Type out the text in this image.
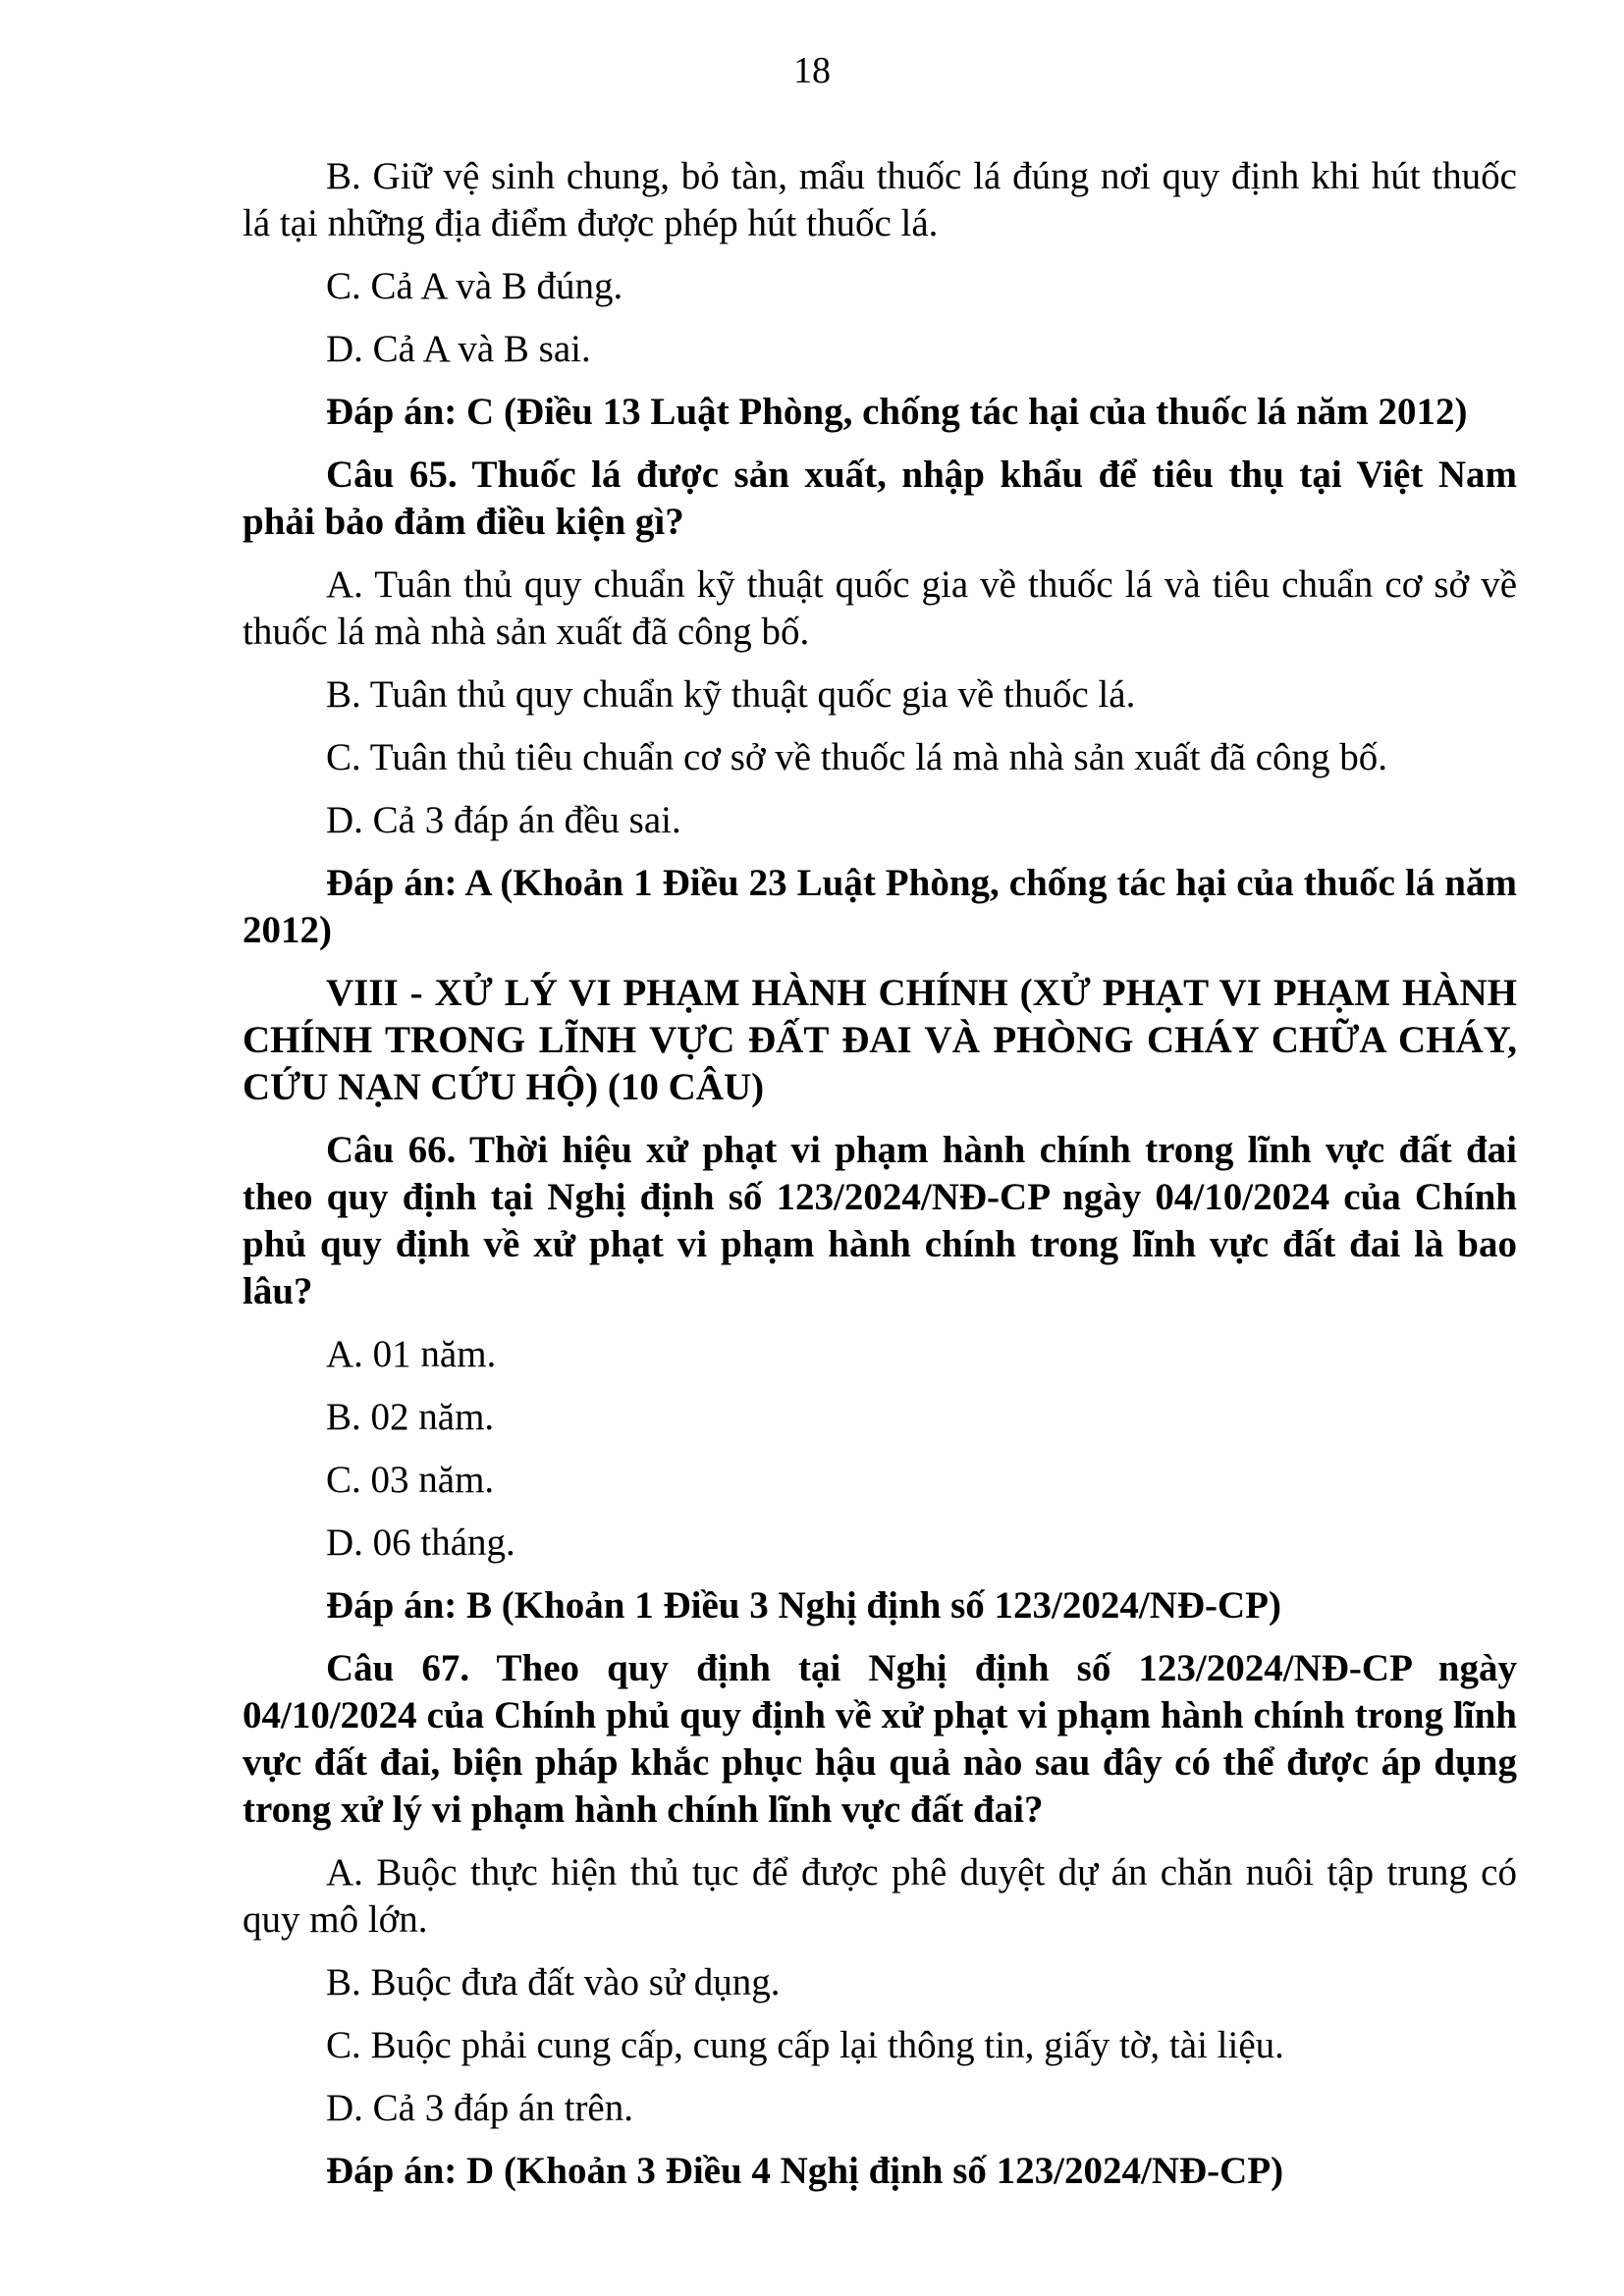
18

B. Giữ vệ sinh chung, bỏ tàn, mẩu thuốc lá đúng nơi quy định khi hút thuốc lá tại những địa điểm được phép hút thuốc lá.

C. Cả A và B đúng.

D. Cả A và B sai.

Đáp án: C (Điều 13 Luật Phòng, chống tác hại của thuốc lá năm 2012)

Câu 65. Thuốc lá được sản xuất, nhập khẩu để tiêu thụ tại Việt Nam phải bảo đảm điều kiện gì?

A. Tuân thủ quy chuẩn kỹ thuật quốc gia về thuốc lá và tiêu chuẩn cơ sở về thuốc lá mà nhà sản xuất đã công bố.

B. Tuân thủ quy chuẩn kỹ thuật quốc gia về thuốc lá.

C. Tuân thủ tiêu chuẩn cơ sở về thuốc lá mà nhà sản xuất đã công bố.

D. Cả 3 đáp án đều sai.

Đáp án: A (Khoản 1 Điều 23 Luật Phòng, chống tác hại của thuốc lá năm 2012)

VIII - XỬ LÝ VI PHẠM HÀNH CHÍNH (XỬ PHẠT VI PHẠM HÀNH CHÍNH TRONG LĨNH VỰC ĐẤT ĐAI VÀ PHÒNG CHÁY CHỮA CHÁY, CỨU NẠN CỨU HỘ) (10 CÂU)

Câu 66. Thời hiệu xử phạt vi phạm hành chính trong lĩnh vực đất đai theo quy định tại Nghị định số 123/2024/NĐ-CP ngày 04/10/2024 của Chính phủ quy định về xử phạt vi phạm hành chính trong lĩnh vực đất đai là bao lâu?

A. 01 năm.

B. 02 năm.

C. 03 năm.

D. 06 tháng.

Đáp án: B (Khoản 1 Điều 3 Nghị định số 123/2024/NĐ-CP)

Câu 67. Theo quy định tại Nghị định số 123/2024/NĐ-CP ngày 04/10/2024 của Chính phủ quy định về xử phạt vi phạm hành chính trong lĩnh vực đất đai, biện pháp khắc phục hậu quả nào sau đây có thể được áp dụng trong xử lý vi phạm hành chính lĩnh vực đất đai?

A. Buộc thực hiện thủ tục để được phê duyệt dự án chăn nuôi tập trung có quy mô lớn.

B. Buộc đưa đất vào sử dụng.

C. Buộc phải cung cấp, cung cấp lại thông tin, giấy tờ, tài liệu.

D. Cả 3 đáp án trên.

Đáp án: D (Khoản 3 Điều 4 Nghị định số 123/2024/NĐ-CP)
